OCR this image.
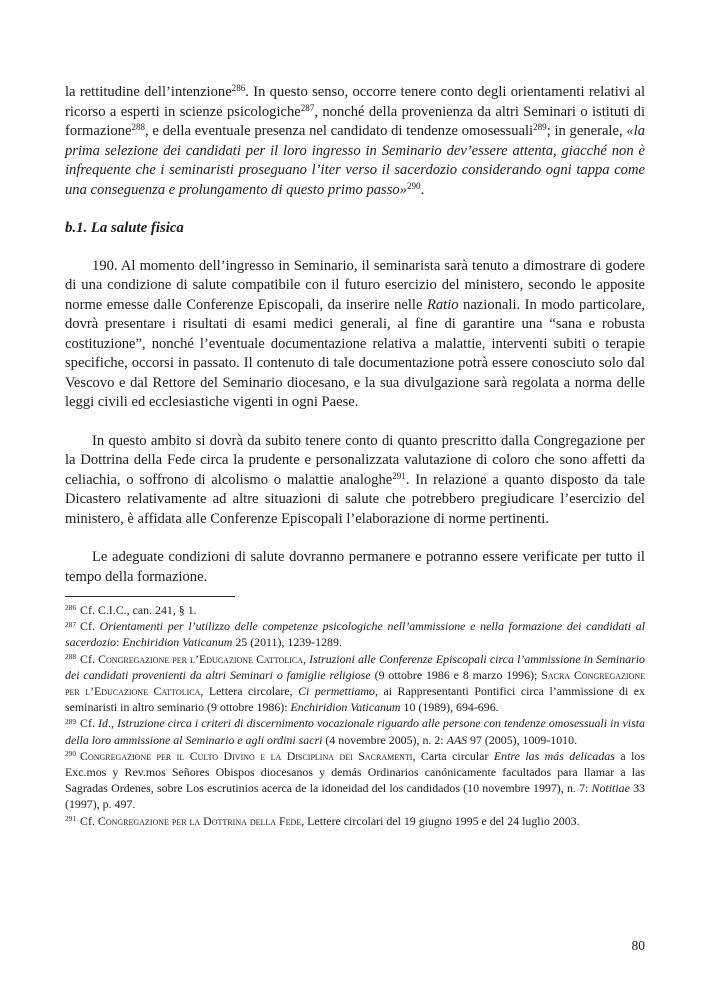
la rettitudine dell’intenzione$^{286}$. In questo senso, occorre tenere conto degli orientamenti relativi al ricorso a esperti in scienze psicologiche$^{287}$, nonché della provenienza da altri Seminari o istituti di formazione$^{288}$, e della eventuale presenza nel candidato di tendenze omosessuali$^{289}$; in generale, «la prima selezione dei candidati per il loro ingresso in Seminario dev’essere attenta, giacché non è infrequente che i seminaristi proseguano l’iter verso il sacerdozio considerando ogni tappa come una conseguenza e prolungamento di questo primo passo»$^{290}$.

b.1. La salute fisica

190. Al momento dell’ingresso in Seminario, il seminarista sarà tenuto a dimostrare di godere di una condizione di salute compatibile con il futuro esercizio del ministero, secondo le apposite norme emesse dalle Conferenze Episcopali, da inserire nelle Ratio nazionali. In modo particolare, dovrà presentare i risultati di esami medici generali, al fine di garantire una “sana e robusta costituzione”, nonché l’eventuale documentazione relativa a malattie, interventi subiti o terapie specifiche, occorsi in passato. Il contenuto di tale documentazione potrà essere conosciuto solo dal Vescovo e dal Rettore del Seminario diocesano, e la sua divulgazione sarà regolata a norma delle leggi civili ed ecclesiastiche vigenti in ogni Paese.

In questo ambito si dovrà da subito tenere conto di quanto prescritto dalla Congregazione per la Dottrina della Fede circa la prudente e personalizzata valutazione di coloro che sono affetti da celiachia, o soffrono di alcolismo o malattie analoghe$^{291}$. In relazione a quanto disposto da tale Dicastero relativamente ad altre situazioni di salute che potrebbero pregiudicare l’esercizio del ministero, è affidata alle Conferenze Episcopali l’elaborazione di norme pertinenti.

Le adeguate condizioni di salute dovranno permanere e potranno essere verificate per tutto il tempo della formazione.

$^{286}$ Cf. C.I.C., can. 241, § 1.
$^{287}$ Cf. Orientamenti per l’utilizzo delle competenze psicologiche nell’ammissione e nella formazione dei candidati al sacerdozio: Enchiridion Vaticanum 25 (2011), 1239-1289.
$^{288}$ Cf. Congregazione per l’Educazione Cattolica, Istruzioni alle Conferenze Episcopali circa l’ammissione in Seminario dei candidati provenienti da altri Seminari o famiglie religiose (9 ottobre 1986 e 8 marzo 1996); Sacra Congregazione per l’Educazione Cattolica, Lettera circolare, Ci permettiamo, ai Rappresentanti Pontifici circa l’ammissione di ex seminaristi in altro seminario (9 ottobre 1986): Enchiridion Vaticanum 10 (1989), 694-696.
$^{289}$ Cf. Id., Istruzione circa i criteri di discernimento vocazionale riguardo alle persone con tendenze omosessuali in vista della loro ammissione al Seminario e agli ordini sacri (4 novembre 2005), n. 2: AAS 97 (2005), 1009-1010.
$^{290}$ Congregazione per il Culto Divino e la Disciplina dei Sacramenti, Carta circular Entre las más delicadas a los Exc.mos y Rev.mos Señores Obispos diocesanos y demás Ordinarios canónicamente facultados para llamar a las Sagradas Ordenes, sobre Los escrutinios acerca de la idoneidad del los candidados (10 novembre 1997), n. 7: Notitiae 33 (1997), p. 497.
$^{291}$ Cf. Congregazione per la Dottrina della Fede, Lettere circolari del 19 giugno 1995 e del 24 luglio 2003.
80
